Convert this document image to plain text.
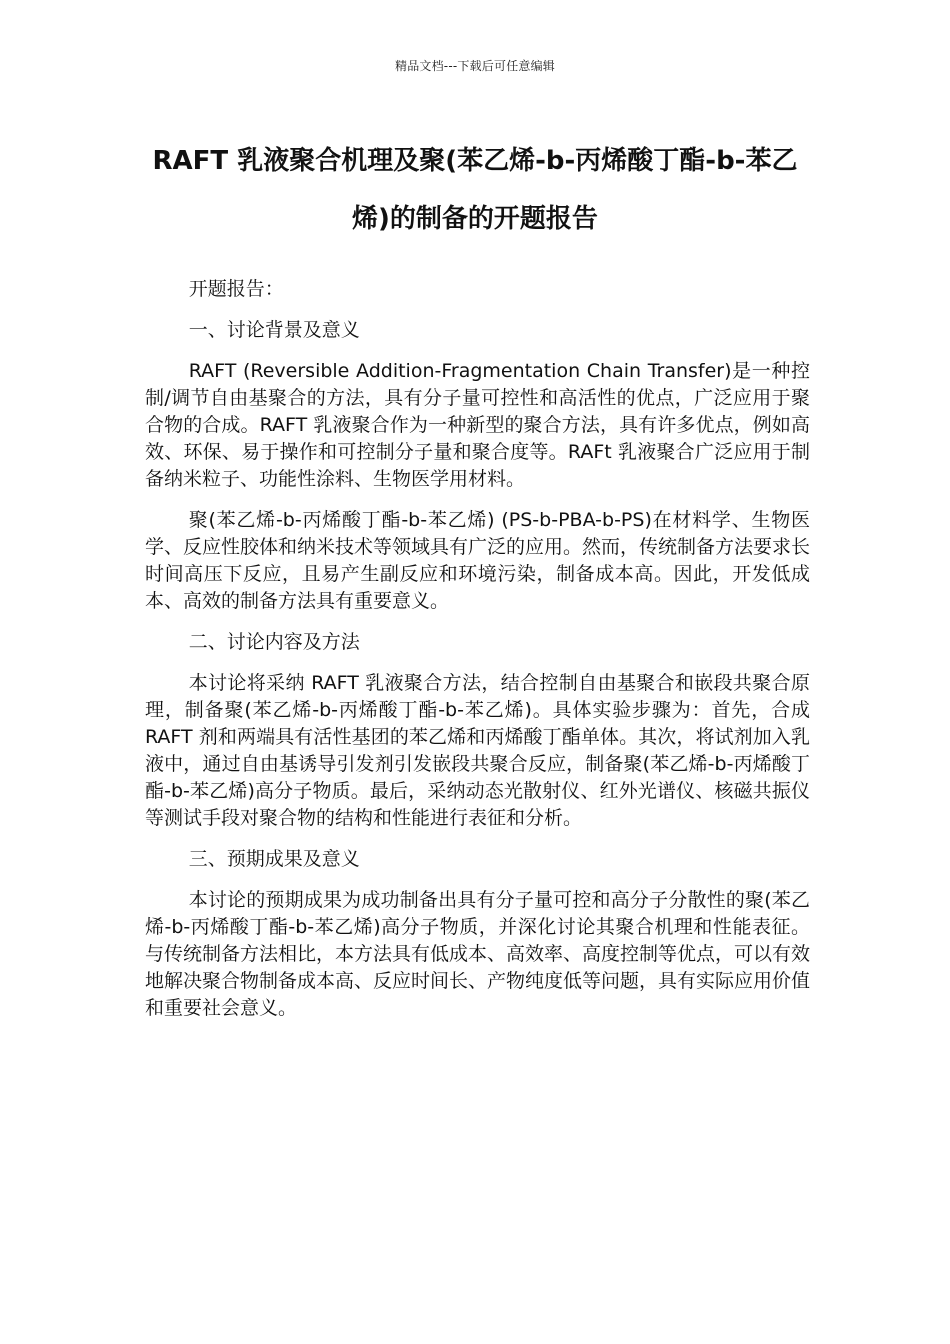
精品文档---下载后可任意编辑
RAFT 乳液聚合机理及聚(苯乙烯-b-丙烯酸丁酯-b-苯乙烯)的制备的开题报告

开题报告：

一、讨论背景及意义

RAFT (Reversible Addition-Fragmentation Chain Transfer)是一种控制/调节自由基聚合的方法，具有分子量可控性和高活性的优点，广泛应用于聚合物的合成。RAFT 乳液聚合作为一种新型的聚合方法，具有许多优点，例如高效、环保、易于操作和可控制分子量和聚合度等。RAFt 乳液聚合广泛应用于制备纳米粒子、功能性涂料、生物医学用材料。

聚(苯乙烯-b-丙烯酸丁酯-b-苯乙烯) (PS-b-PBA-b-PS)在材料学、生物医学、反应性胶体和纳米技术等领域具有广泛的应用。然而，传统制备方法要求长时间高压下反应，且易产生副反应和环境污染，制备成本高。因此，开发低成本、高效的制备方法具有重要意义。

二、讨论内容及方法

本讨论将采纳 RAFT 乳液聚合方法，结合控制自由基聚合和嵌段共聚合原理，制备聚(苯乙烯-b-丙烯酸丁酯-b-苯乙烯)。具体实验步骤为：首先，合成 RAFT 剂和两端具有活性基团的苯乙烯和丙烯酸丁酯单体。其次，将试剂加入乳液中，通过自由基诱导引发剂引发嵌段共聚合反应，制备聚(苯乙烯-b-丙烯酸丁酯-b-苯乙烯)高分子物质。最后，采纳动态光散射仪、红外光谱仪、核磁共振仪等测试手段对聚合物的结构和性能进行表征和分析。

三、预期成果及意义

本讨论的预期成果为成功制备出具有分子量可控和高分子分散性的聚(苯乙烯-b-丙烯酸丁酯-b-苯乙烯)高分子物质，并深化讨论其聚合机理和性能表征。与传统制备方法相比，本方法具有低成本、高效率、高度控制等优点，可以有效地解决聚合物制备成本高、反应时间长、产物纯度低等问题，具有实际应用价值和重要社会意义。
